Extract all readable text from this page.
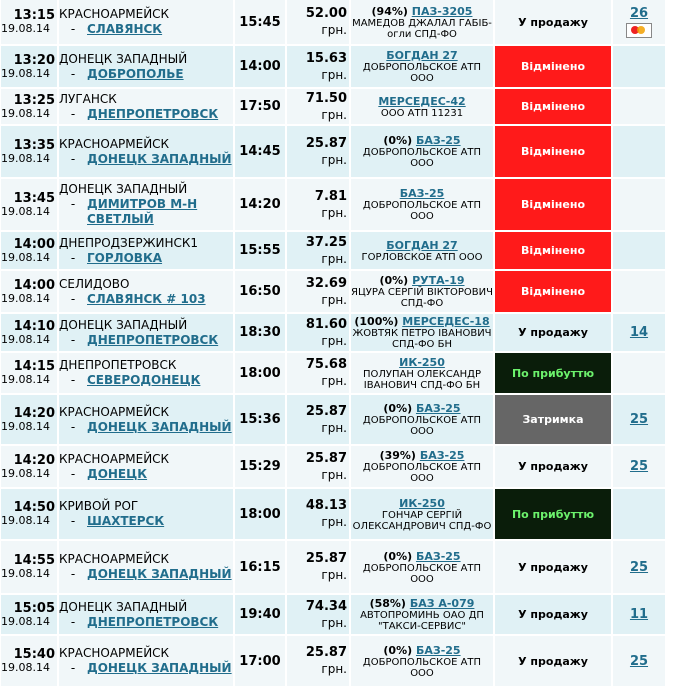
13:15
19.08.14	КРАСНОАРМЕЙСК
- СЛАВЯНСК	15:45	52.00
грн.	(94%) ПАЗ-3205
МАМЕДОВ ДЖАЛАЛ ГАБІБ-огли СПД-ФО	У продажу	26

13:20
19.08.14	ДОНЕЦК ЗАПАДНЫЙ
- ДОБРОПОЛЬЕ	14:00	15.63
грн.	БОГДАН 27
ДОБРОПОЛЬСКОЕ АТП ООО	Відмінено	

13:25
19.08.14	ЛУГАНСК
- ДНЕПРОПЕТРОВСК	17:50	71.50
грн.	МЕРСЕДЕС-42
ООО АТП 11231	Відмінено	

13:35
19.08.14	КРАСНОАРМЕЙСК
- ДОНЕЦК ЗАПАДНЫЙ	14:45	25.87
грн.	(0%) БАЗ-25
ДОБРОПОЛЬСКОЕ АТП ООО	Відмінено	

13:45
19.08.14	ДОНЕЦК ЗАПАДНЫЙ
- ДИМИТРОВ М-Н СВЕТЛЫЙ	14:20	7.81
грн.	БАЗ-25
ДОБРОПОЛЬСКОЕ АТП ООО	Відмінено	

14:00
19.08.14	ДНЕПРОДЗЕРЖИНСК1
- ГОРЛОВКА	15:55	37.25
грн.	БОГДАН 27
ГОРЛОВСКОЕ АТП ООО	Відмінено	

14:00
19.08.14	СЕЛИДОВО
- СЛАВЯНСК # 103	16:50	32.69
грн.	(0%) РУТА-19
ЯЦУРА СЕРГІЙ ВІКТОРОВИЧ СПД-ФО	Відмінено	

14:10
19.08.14	ДОНЕЦК ЗАПАДНЫЙ
- ДНЕПРОПЕТРОВСК	18:30	81.60
грн.	(100%) МЕРСЕДЕС-18
ЖОВТЯК ПЕТРО ІВАНОВИЧ СПД-ФО БН	У продажу	14

14:15
19.08.14	ДНЕПРОПЕТРОВСК
- СЕВЕРОДОНЕЦК	18:00	75.68
грн.	ИК-250
ПОЛУПАН ОЛЕКСАНДР ІВАНОВИЧ СПД-ФО БН	По прибуттю	

14:20
19.08.14	КРАСНОАРМЕЙСК
- ДОНЕЦК ЗАПАДНЫЙ	15:36	25.87
грн.	(0%) БАЗ-25
ДОБРОПОЛЬСКОЕ АТП ООО	Затримка	25

14:20
19.08.14	КРАСНОАРМЕЙСК
- ДОНЕЦК	15:29	25.87
грн.	(39%) БАЗ-25
ДОБРОПОЛЬСКОЕ АТП ООО	У продажу	25

14:50
19.08.14	КРИВОЙ РОГ
- ШАХТЕРСК	18:00	48.13
грн.	ИК-250
ГОНЧАР СЕРГІЙ ОЛЕКСАНДРОВИЧ СПД-ФО	По прибуттю	

14:55
19.08.14	КРАСНОАРМЕЙСК
- ДОНЕЦК ЗАПАДНЫЙ	16:15	25.87
грн.	(0%) БАЗ-25
ДОБРОПОЛЬСКОЕ АТП ООО	У продажу	25

15:05
19.08.14	ДОНЕЦК ЗАПАДНЫЙ
- ДНЕПРОПЕТРОВСК	19:40	74.34
грн.	(58%) БАЗ А-079
АВТОПРОМИНЬ ОАО ДП "ТАКСИ-СЕРВИС"	У продажу	11

15:40
19.08.14	КРАСНОАРМЕЙСК
- ДОНЕЦК ЗАПАДНЫЙ	17:00	25.87
грн.	(0%) БАЗ-25
ДОБРОПОЛЬСКОЕ АТП ООО	У продажу	25
